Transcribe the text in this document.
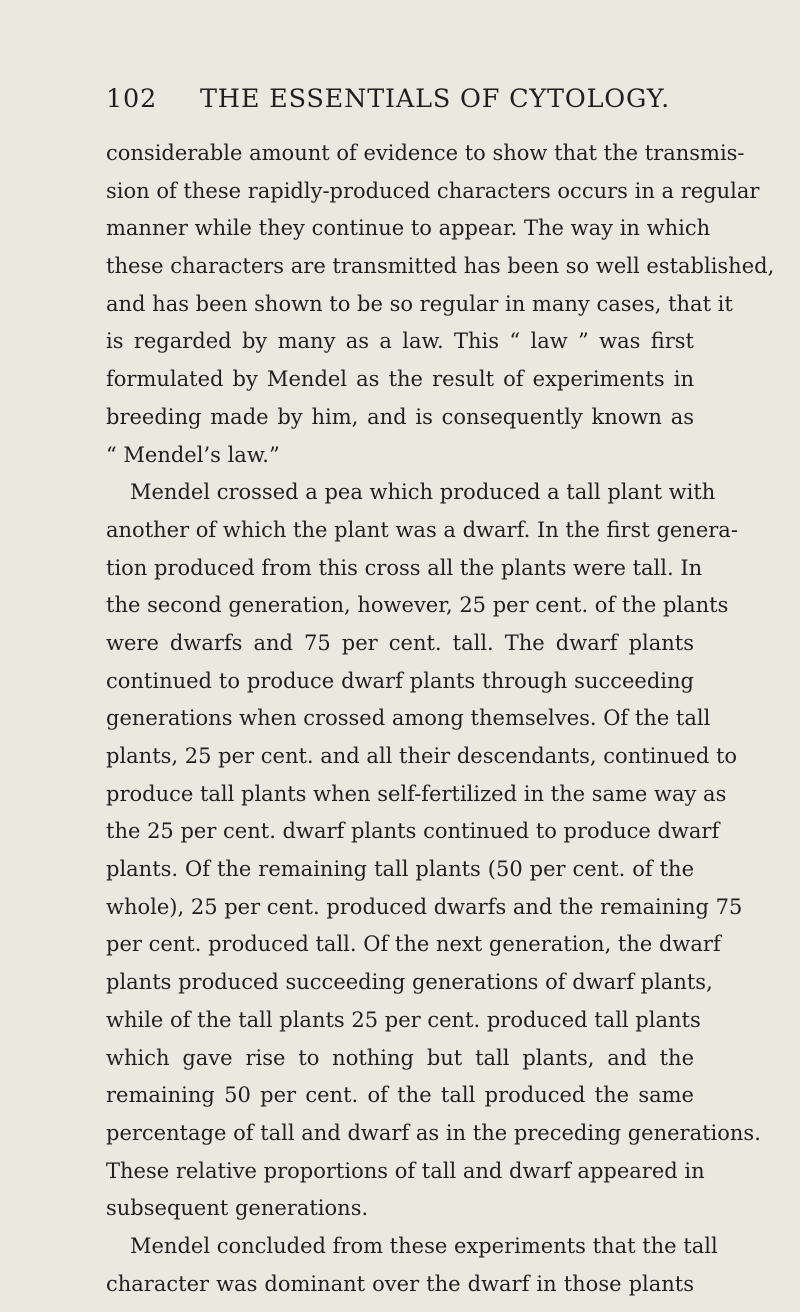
102	THE ESSENTIALS OF CYTOLOGY.
considerable amount of evidence to show that the transmis-
sion of these rapidly-produced characters occurs in a regular
manner while they continue to appear. The way in which
these characters are transmitted has been so well established,
and has been shown to be so regular in many cases, that it
is regarded by many as a law. This “ law ” was first
formulated by Mendel as the result of experiments in
breeding made by him, and is consequently known as
“ Mendel’s law.”
Mendel crossed a pea which produced a tall plant with
another of which the plant was a dwarf. In the first genera-
tion produced from this cross all the plants were tall. In
the second generation, however, 25 per cent. of the plants
were dwarfs and 75 per cent. tall. The dwarf plants
continued to produce dwarf plants through succeeding
generations when crossed among themselves. Of the tall
plants, 25 per cent. and all their descendants, continued to
produce tall plants when self-fertilized in the same way as
the 25 per cent. dwarf plants continued to produce dwarf
plants. Of the remaining tall plants (50 per cent. of the
whole), 25 per cent. produced dwarfs and the remaining 75
per cent. produced tall. Of the next generation, the dwarf
plants produced succeeding generations of dwarf plants,
while of the tall plants 25 per cent. produced tall plants
which gave rise to nothing but tall plants, and the
remaining 50 per cent. of the tall produced the same
percentage of tall and dwarf as in the preceding generations.
These relative proportions of tall and dwarf appeared in
subsequent generations.
Mendel concluded from these experiments that the tall
character was dominant over the dwarf in those plants
